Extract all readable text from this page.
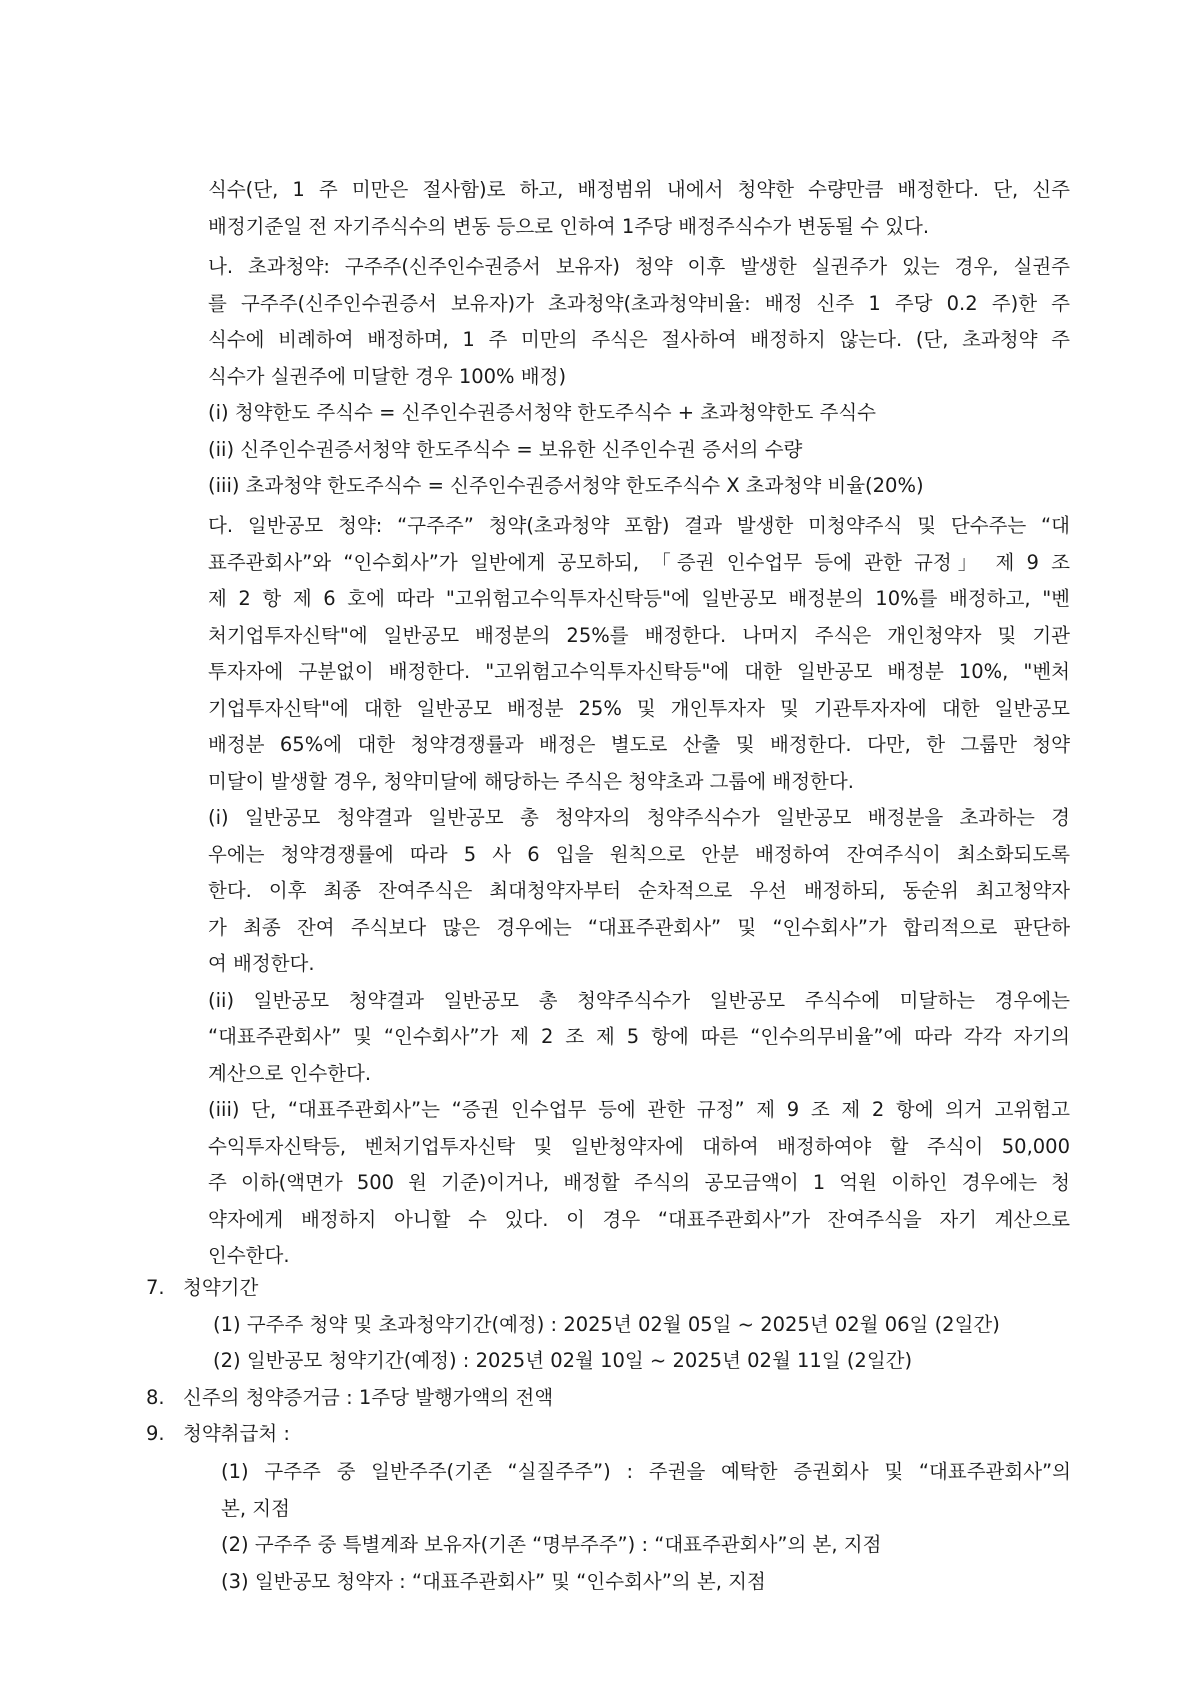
식수(단, 1 주 미만은 절사함)로 하고, 배정범위 내에서 청약한 수량만큼 배정한다. 단, 신주
배정기준일 전 자기주식수의 변동 등으로 인하여 1주당 배정주식수가 변동될 수 있다.
나. 초과청약: 구주주(신주인수권증서 보유자) 청약 이후 발생한 실권주가 있는 경우, 실권주
를 구주주(신주인수권증서 보유자)가 초과청약(초과청약비율: 배정 신주 1 주당 0.2 주)한 주
식수에 비례하여 배정하며, 1 주 미만의 주식은 절사하여 배정하지 않는다. (단, 초과청약 주
식수가 실권주에 미달한 경우 100% 배정)
(i) 청약한도 주식수 = 신주인수권증서청약 한도주식수 + 초과청약한도 주식수
(ii) 신주인수권증서청약 한도주식수 = 보유한 신주인수권 증서의 수량
(iii) 초과청약 한도주식수 = 신주인수권증서청약 한도주식수 X 초과청약 비율(20%)
다. 일반공모 청약: “구주주” 청약(초과청약 포함) 결과 발생한 미청약주식 및 단수주는 “대
표주관회사”와 “인수회사”가 일반에게 공모하되, 「증권 인수업무 등에 관한 규정」 제 9 조
제 2 항 제 6 호에 따라 "고위험고수익투자신탁등"에 일반공모 배정분의 10%를 배정하고, "벤
처기업투자신탁"에 일반공모 배정분의 25%를 배정한다. 나머지 주식은 개인청약자 및 기관
투자자에 구분없이 배정한다. "고위험고수익투자신탁등"에 대한 일반공모 배정분 10%, "벤처
기업투자신탁"에 대한 일반공모 배정분 25% 및 개인투자자 및 기관투자자에 대한 일반공모
배정분 65%에 대한 청약경쟁률과 배정은 별도로 산출 및 배정한다. 다만, 한 그룹만 청약
미달이 발생할 경우, 청약미달에 해당하는 주식은 청약초과 그룹에 배정한다.
(i) 일반공모 청약결과 일반공모 총 청약자의 청약주식수가 일반공모 배정분을 초과하는 경
우에는 청약경쟁률에 따라 5 사 6 입을 원칙으로 안분 배정하여 잔여주식이 최소화되도록
한다. 이후 최종 잔여주식은 최대청약자부터 순차적으로 우선 배정하되, 동순위 최고청약자
가 최종 잔여 주식보다 많은 경우에는 “대표주관회사” 및 “인수회사”가 합리적으로 판단하
여 배정한다.
(ii) 일반공모 청약결과 일반공모 총 청약주식수가 일반공모 주식수에 미달하는 경우에는
“대표주관회사” 및 “인수회사”가 제 2 조 제 5 항에 따른 “인수의무비율”에 따라 각각 자기의
계산으로 인수한다.
(iii) 단, “대표주관회사”는 “증권 인수업무 등에 관한 규정” 제 9 조 제 2 항에 의거 고위험고
수익투자신탁등, 벤처기업투자신탁 및 일반청약자에 대하여 배정하여야 할 주식이 50,000
주 이하(액면가 500 원 기준)이거나, 배정할 주식의 공모금액이 1 억원 이하인 경우에는 청
약자에게 배정하지 아니할 수 있다. 이 경우 “대표주관회사”가 잔여주식을 자기 계산으로
인수한다.
7. 청약기간
(1) 구주주 청약 및 초과청약기간(예정) : 2025년 02월 05일 ~ 2025년 02월 06일 (2일간)
(2) 일반공모 청약기간(예정) : 2025년 02월 10일 ~ 2025년 02월 11일 (2일간)
8. 신주의 청약증거금 : 1주당 발행가액의 전액
9. 청약취급처 :
(1) 구주주 중 일반주주(기존 “실질주주”) : 주권을 예탁한 증권회사 및 “대표주관회사”의
본, 지점
(2) 구주주 중 특별계좌 보유자(기존 “명부주주”) : “대표주관회사”의 본, 지점
(3) 일반공모 청약자 : “대표주관회사” 및 “인수회사”의 본, 지점
